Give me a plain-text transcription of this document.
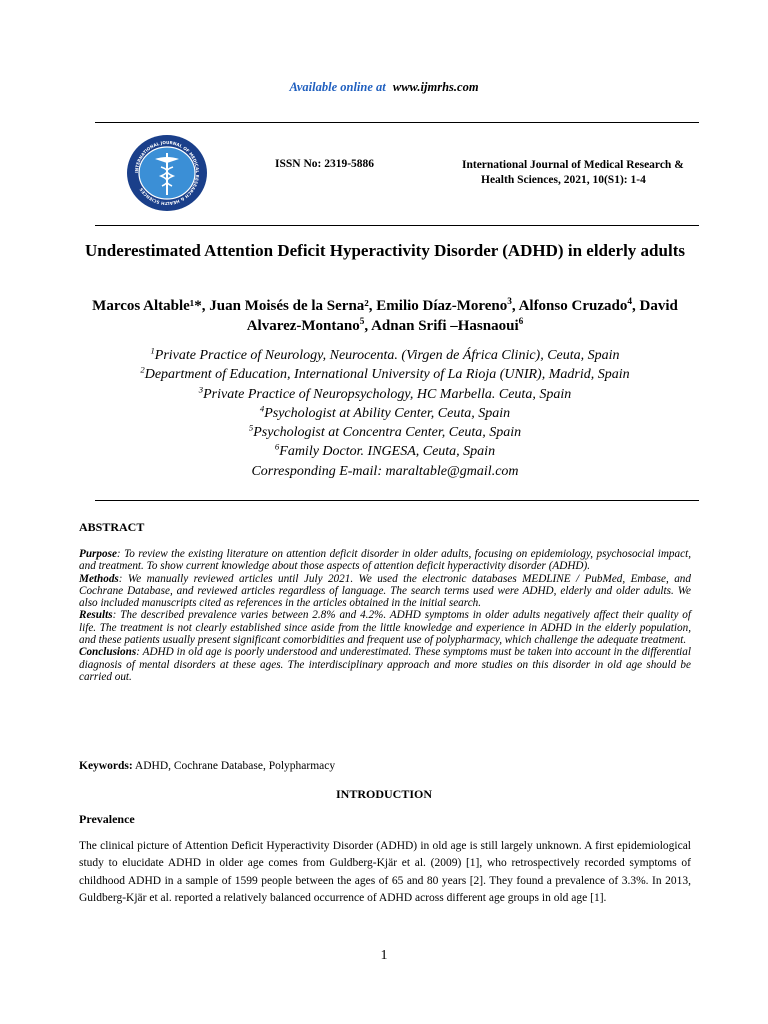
Available online at www.ijmrhs.com
INTERNATIONAL JOURNAL OF MEDICAL RESEARCH & HEALTH SCIENCES
ISSN No: 2319-5886	International Journal of Medical Research &
Health Sciences, 2021, 10(S1): 1-4
Underestimated Attention Deficit Hyperactivity Disorder (ADHD) in elderly adults
Marcos Altable¹*, Juan Moisés de la Serna², Emilio Díaz-Moreno$^3$, Alfonso Cruzado$^4$, David Alvarez-Montano$^5$, Adnan Srifi –Hasnaoui$^6$
$^1$Private Practice of Neurology, Neurocenta. (Virgen de África Clinic), Ceuta, Spain
$^2$Department of Education, International University of La Rioja (UNIR), Madrid, Spain
$^3$Private Practice of Neuropsychology, HC Marbella. Ceuta, Spain
$^4$Psychologist at Ability Center, Ceuta, Spain
$^5$Psychologist at Concentra Center, Ceuta, Spain
$^6$Family Doctor. INGESA, Ceuta, Spain
Corresponding E-mail: maraltable@gmail.com
ABSTRACT

Purpose: To review the existing literature on attention deficit disorder in older adults, focusing on epidemiology, psychosocial impact, and treatment. To show current knowledge about those aspects of attention deficit hyperactivity disorder (ADHD).

Methods: We manually reviewed articles until July 2021. We used the electronic databases MEDLINE / PubMed, Embase, and Cochrane Database, and reviewed articles regardless of language. The search terms used were ADHD, elderly and older adults. We also included manuscripts cited as references in the articles obtained in the initial search.

Results: The described prevalence varies between 2.8% and 4.2%. ADHD symptoms in older adults negatively affect their quality of life. The treatment is not clearly established since aside from the little knowledge and experience in ADHD in the elderly population, and these patients usually present significant comorbidities and frequent use of polypharmacy, which challenge the adequate treatment.

Conclusions: ADHD in old age is poorly understood and underestimated. These symptoms must be taken into account in the differential diagnosis of mental disorders at these ages. The interdisciplinary approach and more studies on this disorder in old age should be carried out.

Keywords: ADHD, Cochrane Database, Polypharmacy
INTRODUCTION
Prevalence
The clinical picture of Attention Deficit Hyperactivity Disorder (ADHD) in old age is still largely unknown. A first epidemiological study to elucidate ADHD in older age comes from Guldberg-Kjär et al. (2009) [1], who retrospectively recorded symptoms of childhood ADHD in a sample of 1599 people between the ages of 65 and 80 years [2]. They found a prevalence of 3.3%. In 2013, Guldberg-Kjär et al. reported a relatively balanced occurrence of ADHD across different age groups in old age [1].
1
